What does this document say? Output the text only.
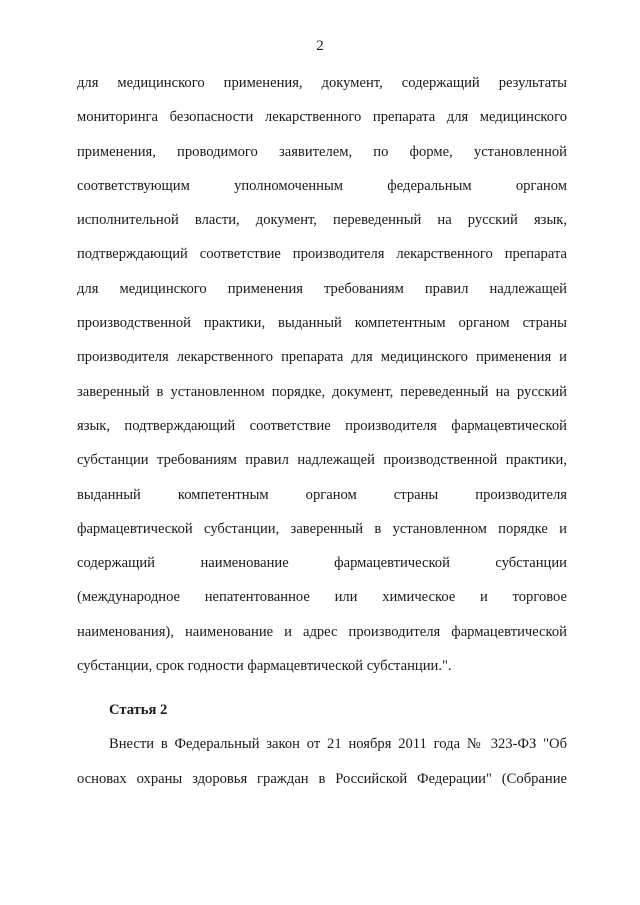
2
для медицинского применения, документ, содержащий результаты
мониторинга безопасности лекарственного препарата для медицинского
применения, проводимого заявителем, по форме, установленной
соответствующим уполномоченным федеральным органом
исполнительной власти, документ, переведенный на русский язык,
подтверждающий соответствие производителя лекарственного препарата
для медицинского применения требованиям правил надлежащей
производственной практики, выданный компетентным органом страны
производителя лекарственного препарата для медицинского применения и
заверенный в установленном порядке, документ, переведенный на русский
язык, подтверждающий соответствие производителя фармацевтической
субстанции требованиям правил надлежащей производственной практики,
выданный компетентным органом страны производителя
фармацевтической субстанции, заверенный в установленном порядке и
содержащий наименование фармацевтической субстанции
(международное непатентованное или химическое и торговое
наименования), наименование и адрес производителя фармацевтической
субстанции, срок годности фармацевтической субстанции.".
Статья 2
Внести в Федеральный закон от 21 ноября 2011 года № 323-ФЗ "Об
основах охраны здоровья граждан в Российской Федерации" (Собрание
